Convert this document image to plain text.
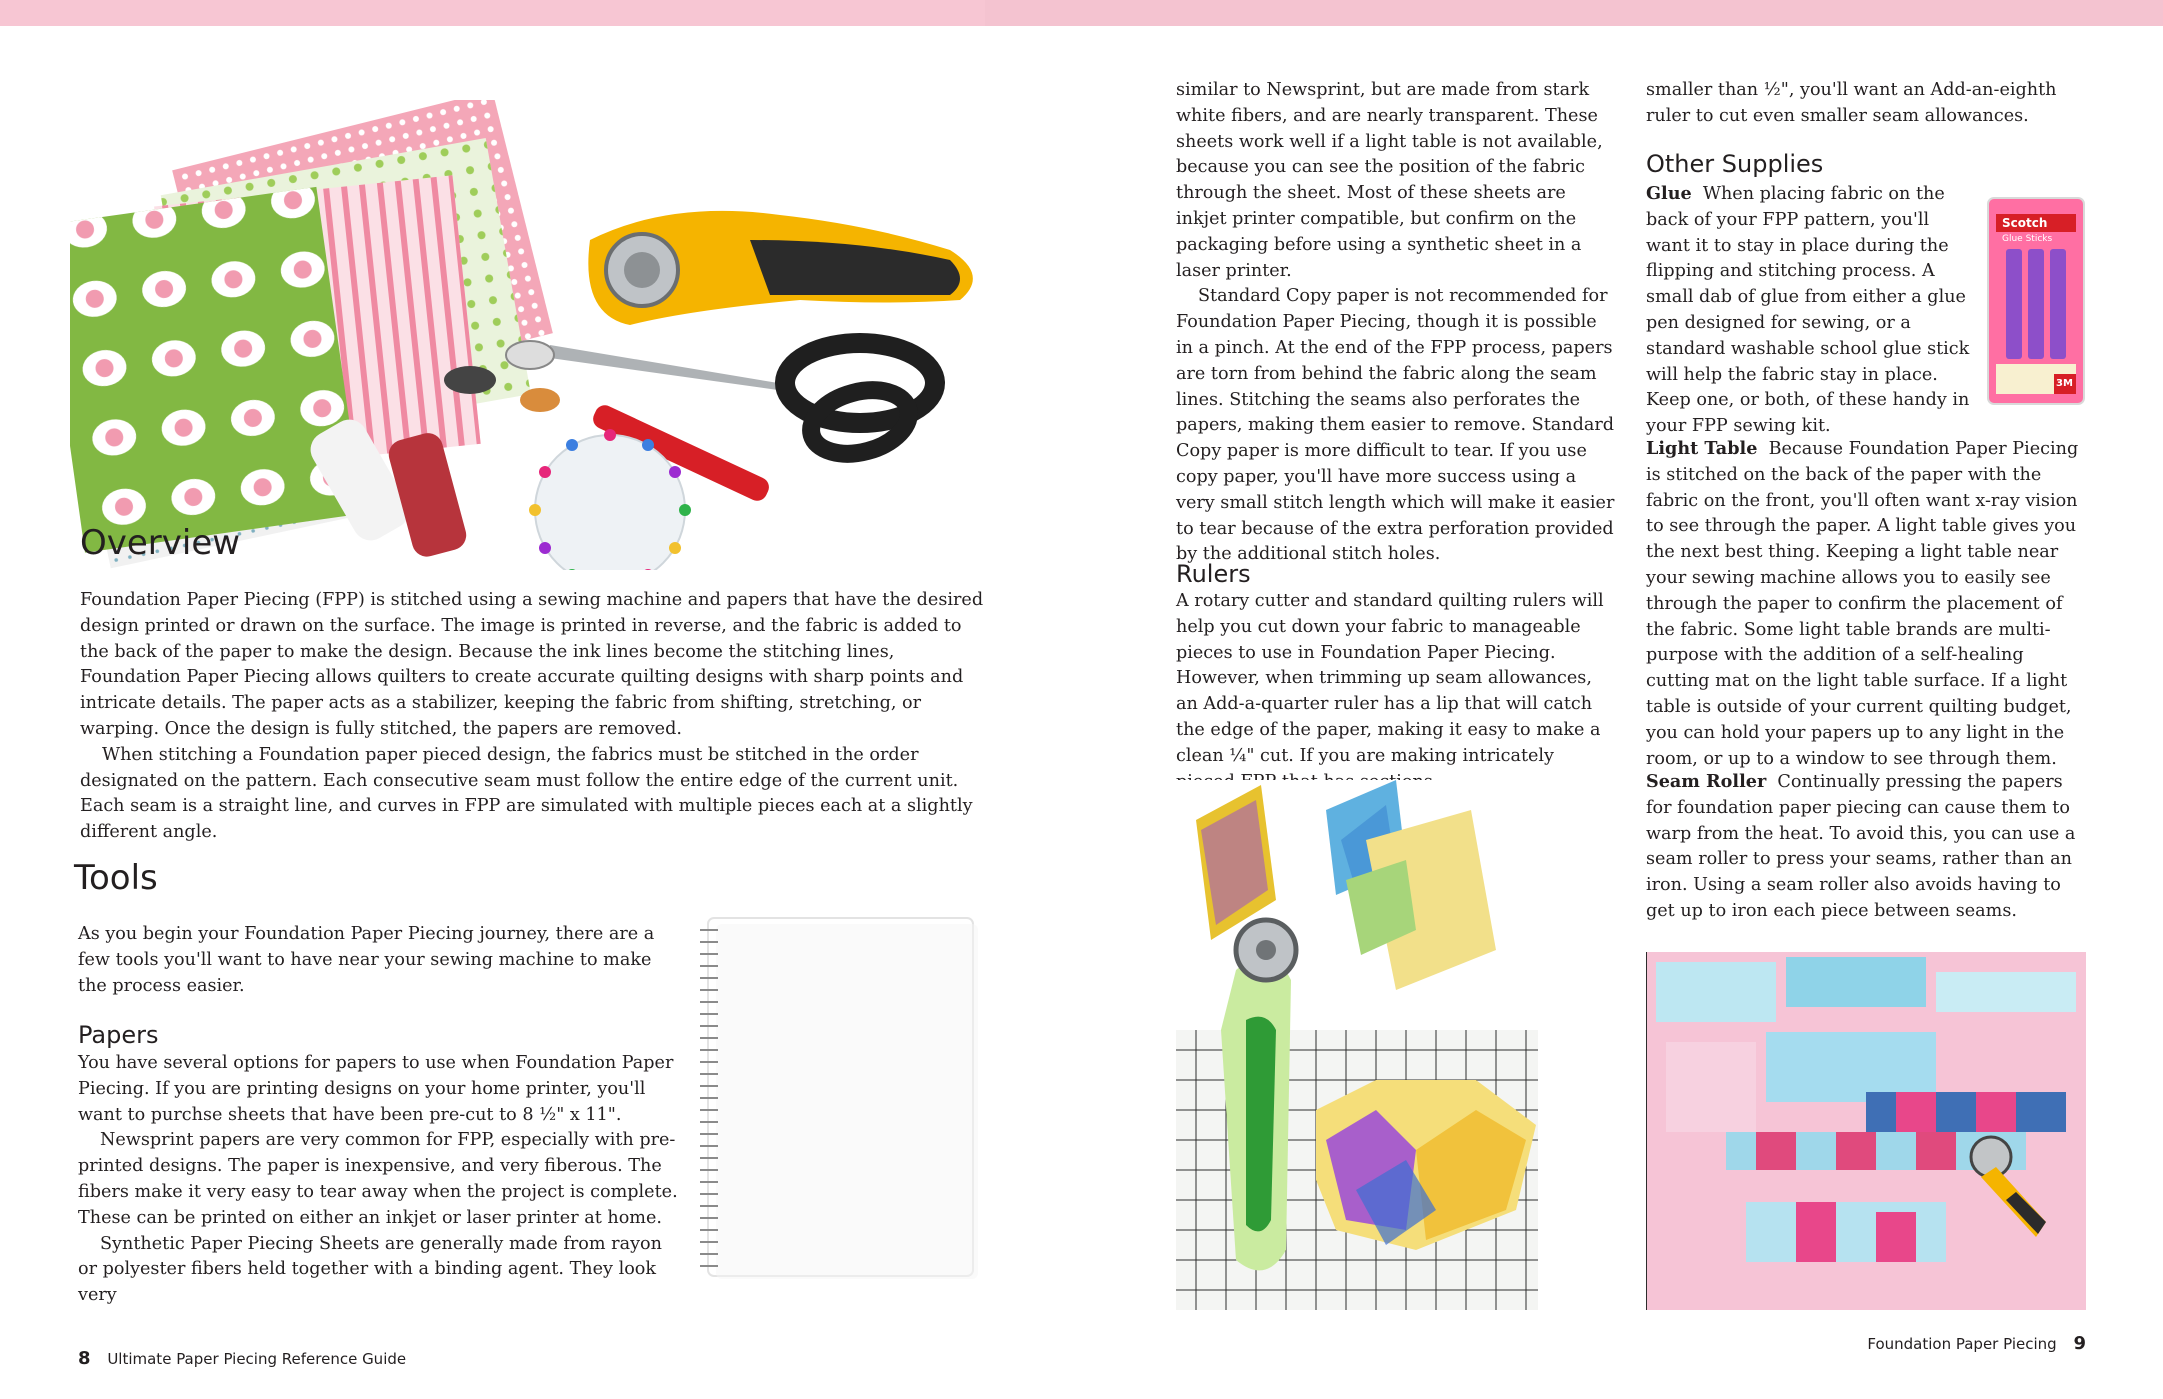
Overview

Foundation Paper Piecing (FPP) is stitched using a sewing machine and papers that have the desired design printed or drawn on the surface. The image is printed in reverse, and the fabric is added to the back of the paper to make the design. Because the ink lines become the stitching lines, Foundation Paper Piecing allows quilters to create accurate quilting designs with sharp points and intricate details. The paper acts as a stabilizer, keeping the fabric from shifting, stretching, or warping. Once the design is fully stitched, the papers are removed.

When stitching a Foundation paper pieced design, the fabrics must be stitched in the order designated on the pattern. Each consecutive seam must follow the entire edge of the current unit. Each seam is a straight line, and curves in FPP are simulated with multiple pieces each at a slightly different angle.

Tools

As you begin your Foundation Paper Piecing journey, there are a few tools you'll want to have near your sewing machine to make the process easier.

Papers

You have several options for papers to use when Foundation Paper Piecing. If you are printing designs on your home printer, you'll want to purchse sheets that have been pre-cut to 8 ½" x 11".

Newsprint papers are very common for FPP, especially with pre-printed designs. The paper is inexpensive, and very fiberous. The fibers make it very easy to tear away when the project is complete. These can be printed on either an inkjet or laser printer at home.

Synthetic Paper Piecing Sheets are generally made from rayon or polyester fibers held together with a binding agent. They look very

8 Ultimate Paper Piecing Reference Guide

similar to Newsprint, but are made from stark white fibers, and are nearly transparent. These sheets work well if a light table is not available, because you can see the position of the fabric through the sheet. Most of these sheets are inkjet printer compatible, but confirm on the packaging before using a synthetic sheet in a laser printer.

Standard Copy paper is not recommended for Foundation Paper Piecing, though it is possible in a pinch. At the end of the FPP process, papers are torn from behind the fabric along the seam lines. Stitching the seams also perforates the papers, making them easier to remove. Standard Copy paper is more difficult to tear. If you use copy paper, you'll have more success using a very small stitch length which will make it easier to tear because of the extra perforation provided by the additional stitch holes.

Rulers

A rotary cutter and standard quilting rulers will help you cut down your fabric to manageable pieces to use in Foundation Paper Piecing. However, when trimming up seam allowances, an Add-a-quarter ruler has a lip that will catch the edge of the paper, making it easy to make a clean ¼" cut. If you are making intricately

smaller than ½", you'll want an Add-an-eighth ruler to cut even smaller seam allowances.

Other Supplies

Glue When placing fabric on the back of your FPP pattern, you'll want it to stay in place during the flipping and stitching process. A small dab of glue from either a glue pen designed for sewing, or a standard washable school glue stick will help the fabric stay in place. Keep one, or both, of these handy in your FPP sewing kit.

Scotch
Glue Sticks
3M

Light Table Because Foundation Paper Piecing is stitched on the back of the paper with the fabric on the front, you'll often want x-ray vision to see through the paper. A light table gives you the next best thing. Keeping a light table near your sewing machine allows you to easily see through the paper to confirm the placement of the fabric. Some light table brands are multi-purpose with the addition of a self-healing cutting mat on the light table surface. If a light table is outside of your current quilting budget, you can hold your papers up to any light in the room, or up to a window to see through them.

Seam Roller Continually pressing the papers for foundation paper piecing can cause them to warp from the heat. To avoid this, you can use a seam roller to press your seams, rather than an iron. Using a seam roller also avoids having to get up to iron each piece between seams.

Foundation Paper Piecing 9
